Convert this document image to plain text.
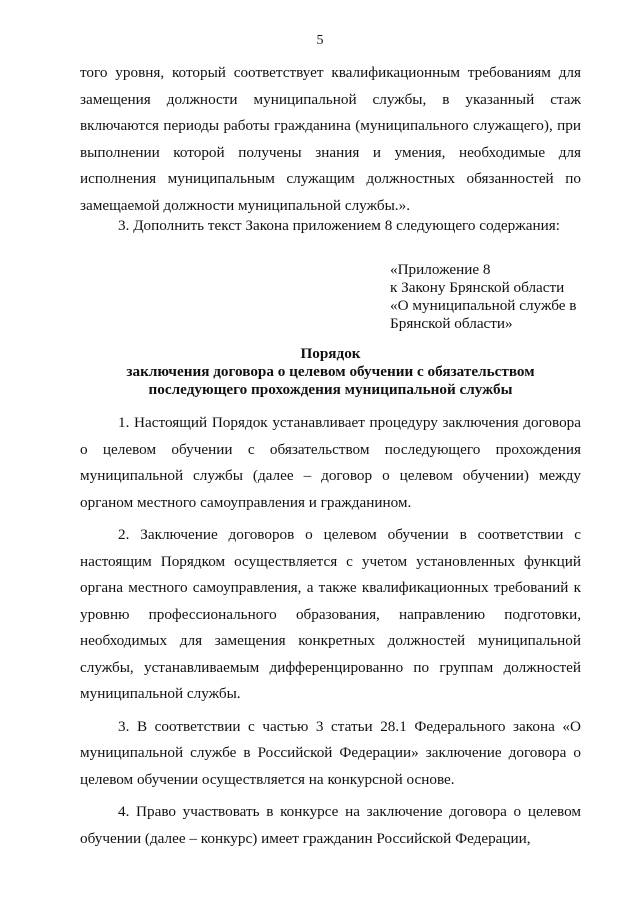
5

того уровня, который соответствует квалификационным требованиям для замещения должности муниципальной службы, в указанный стаж включаются периоды работы гражданина (муниципального служащего), при выполнении которой получены знания и умения, необходимые для исполнения муниципальным служащим должностных обязанностей по замещаемой должности муниципальной службы.».

3. Дополнить текст Закона приложением 8 следующего содержания:

«Приложение 8
к Закону Брянской области
«О муниципальной службе в
Брянской области»
Порядок
заключения договора о целевом обучении с обязательством
последующего прохождения муниципальной службы

1. Настоящий Порядок устанавливает процедуру заключения договора о целевом обучении с обязательством последующего прохождения муниципальной службы (далее – договор о целевом обучении) между органом местного самоуправления и гражданином.

2. Заключение договоров о целевом обучении в соответствии с настоящим Порядком осуществляется с учетом установленных функций органа местного самоуправления, а также квалификационных требований к уровню профессионального образования, направлению подготовки, необходимых для замещения конкретных должностей муниципальной службы, устанавливаемым дифференцированно по группам должностей муниципальной службы.

3. В соответствии с частью 3 статьи 28.1 Федерального закона «О муниципальной службе в Российской Федерации» заключение договора о целевом обучении осуществляется на конкурсной основе.

4. Право участвовать в конкурсе на заключение договора о целевом обучении (далее – конкурс) имеет гражданин Российской Федерации,
